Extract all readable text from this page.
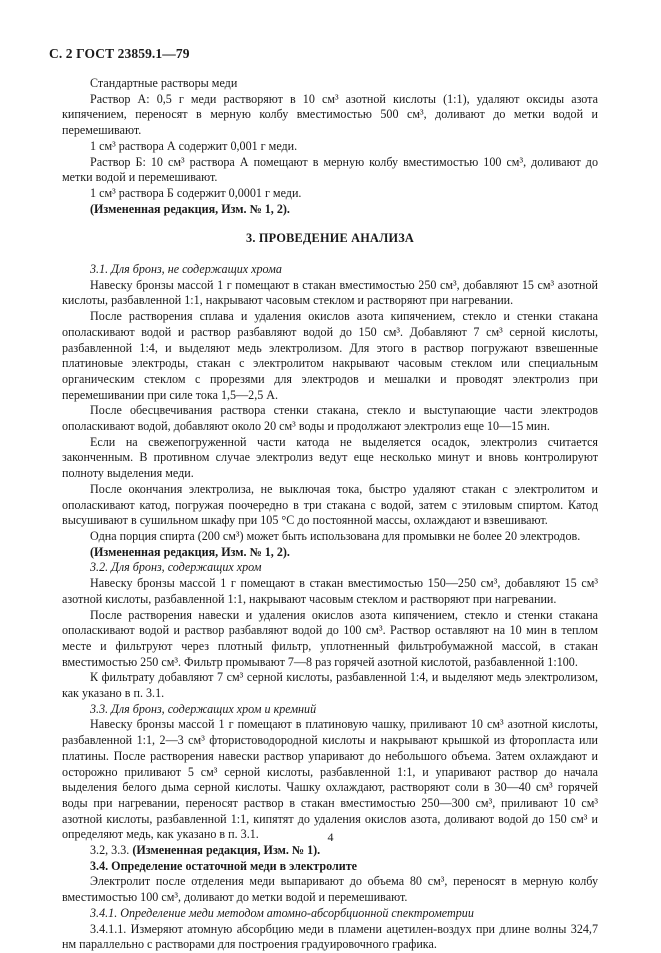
С. 2 ГОСТ 23859.1—79

Стандартные растворы меди

Раствор А: 0,5 г меди растворяют в 10 см³ азотной кислоты (1:1), удаляют оксиды азота кипячением, переносят в мерную колбу вместимостью 500 см³, доливают до метки водой и перемешивают.

1 см³ раствора А содержит 0,001 г меди.

Раствор Б: 10 см³ раствора А помещают в мерную колбу вместимостью 100 см³, доливают до метки водой и перемешивают.

1 см³ раствора Б содержит 0,0001 г меди.

(Измененная редакция, Изм. № 1, 2).

3. ПРОВЕДЕНИЕ АНАЛИЗА

3.1. Для бронз, не содержащих хрома

Навеску бронзы массой 1 г помещают в стакан вместимостью 250 см³, добавляют 15 см³ азотной кислоты, разбавленной 1:1, накрывают часовым стеклом и растворяют при нагревании.

После растворения сплава и удаления окислов азота кипячением, стекло и стенки стакана ополаскивают водой и раствор разбавляют водой до 150 см³. Добавляют 7 см³ серной кислоты, разбавленной 1:4, и выделяют медь электролизом. Для этого в раствор погружают взвешенные платиновые электроды, стакан с электролитом накрывают часовым стеклом или специальным органическим стеклом с прорезями для электродов и мешалки и проводят электролиз при перемешивании при силе тока 1,5—2,5 А.

После обесцвечивания раствора стенки стакана, стекло и выступающие части электродов ополаскивают водой, добавляют около 20 см³ воды и продолжают электролиз еще 10—15 мин.

Если на свежепогруженной части катода не выделяется осадок, электролиз считается законченным. В противном случае электролиз ведут еще несколько минут и вновь контролируют полноту выделения меди.

После окончания электролиза, не выключая тока, быстро удаляют стакан с электролитом и ополаскивают катод, погружая поочередно в три стакана с водой, затем с этиловым спиртом. Катод высушивают в сушильном шкафу при 105 °С до постоянной массы, охлаждают и взвешивают.

Одна порция спирта (200 см³) может быть использована для промывки не более 20 электродов.

(Измененная редакция, Изм. № 1, 2).

3.2. Для бронз, содержащих хром

Навеску бронзы массой 1 г помещают в стакан вместимостью 150—250 см³, добавляют 15 см³ азотной кислоты, разбавленной 1:1, накрывают часовым стеклом и растворяют при нагревании.

После растворения навески и удаления окислов азота кипячением, стекло и стенки стакана ополаскивают водой и раствор разбавляют водой до 100 см³. Раствор оставляют на 10 мин в теплом месте и фильтруют через плотный фильтр, уплотненный фильтробумажной массой, в стакан вместимостью 250 см³. Фильтр промывают 7—8 раз горячей азотной кислотой, разбавленной 1:100.

К фильтрату добавляют 7 см³ серной кислоты, разбавленной 1:4, и выделяют медь электролизом, как указано в п. 3.1.

3.3. Для бронз, содержащих хром и кремний

Навеску бронзы массой 1 г помещают в платиновую чашку, приливают 10 см³ азотной кислоты, разбавленной 1:1, 2—3 см³ фтористоводородной кислоты и накрывают крышкой из фторопласта или платины. После растворения навески раствор упаривают до небольшого объема. Затем охлаждают и осторожно приливают 5 см³ серной кислоты, разбавленной 1:1, и упаривают раствор до начала выделения белого дыма серной кислоты. Чашку охлаждают, растворяют соли в 30—40 см³ горячей воды при нагревании, переносят раствор в стакан вместимостью 250—300 см³, приливают 10 см³ азотной кислоты, разбавленной 1:1, кипятят до удаления окислов азота, доливают водой до 150 см³ и определяют медь, как указано в п. 3.1.

3.2, 3.3. (Измененная редакция, Изм. № 1).

3.4. Определение остаточной меди в электролите

Электролит после отделения меди выпаривают до объема 80 см³, переносят в мерную колбу вместимостью 100 см³, доливают до метки водой и перемешивают.

3.4.1. Определение меди методом атомно-абсорбционной спектрометрии

3.4.1.1. Измеряют атомную абсорбцию меди в пламени ацетилен-воздух при длине волны 324,7 нм параллельно с растворами для построения градуировочного графика.

4
